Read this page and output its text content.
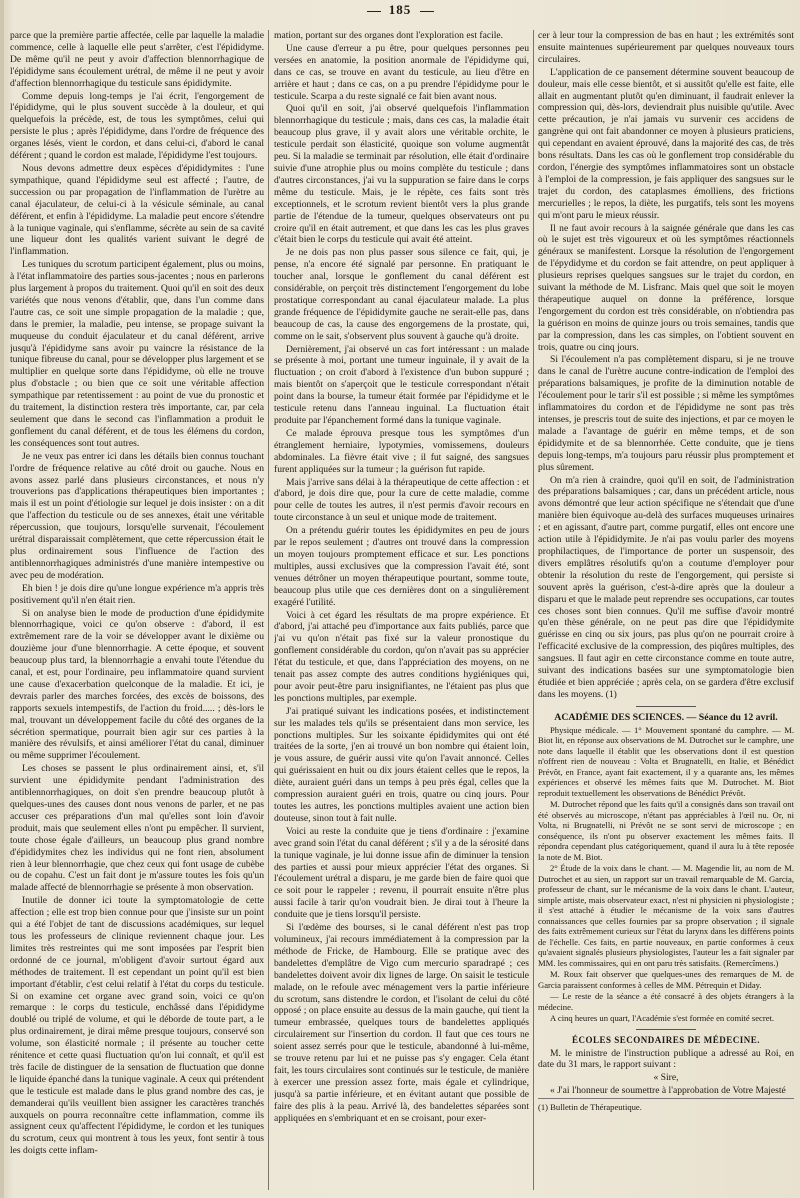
185

parce que la première partie affectée, celle par laquelle la maladie commence, celle à laquelle elle peut s'arrêter, c'est l'épididyme. De même qu'il ne peut y avoir d'affection blennorrhagique de l'épididyme sans écoulement urétral, de même il ne peut y avoir d'affection blennorrhagique du testicule sans épididymite.

Comme depuis long-temps je l'ai écrit, l'engorgement de l'épididyme, qui le plus souvent succède à la douleur, et qui quelquefois la précède, est, de tous les symptômes, celui qui persiste le plus ; après l'épididyme, dans l'ordre de fréquence des organes lésés, vient le cordon, et dans celui-ci, d'abord le canal déférent ; quand le cordon est malade, l'épididyme l'est toujours.

Nous devons admettre deux espèces d'épididymites : l'une sympathique, quand l'épididyme seul est affecté ; l'autre, de succession ou par propagation de l'inflammation de l'urètre au canal éjaculateur, de celui-ci à la vésicule séminale, au canal déférent, et enfin à l'épididyme. La maladie peut encore s'étendre à la tunique vaginale, qui s'enflamme, sécrète au sein de sa cavité une liqueur dont les qualités varient suivant le degré de l'inflammation.

Les tuniques du scrotum participent également, plus ou moins, à l'état inflammatoire des parties sous-jacentes ; nous en parlerons plus largement à propos du traitement. Quoi qu'il en soit des deux variétés que nous venons d'établir, que, dans l'un comme dans l'autre cas, ce soit une simple propagation de la maladie ; que, dans le premier, la maladie, peu intense, se propage suivant la muqueuse du conduit éjaculateur et du canal déférent, arrive jusqu'à l'épididyme sans avoir pu vaincre la résistance de la tunique fibreuse du canal, pour se développer plus largement et se multiplier en quelque sorte dans l'épididyme, où elle ne trouve plus d'obstacle ; ou bien que ce soit une véritable affection sympathique par retentissement : au point de vue du pronostic et du traitement, la distinction restera très importante, car, par cela seulement que dans le second cas l'inflammation a produit le gonflement du canal déférent, et de tous les élémens du cordon, les conséquences sont tout autres.

Je ne veux pas entrer ici dans les détails bien connus touchant l'ordre de fréquence relative au côté droit ou gauche. Nous en avons assez parlé dans plusieurs circonstances, et nous n'y trouverions pas d'applications thérapeutiques bien importantes ; mais il est un point d'étiologie sur lequel je dois insister : on a dit que l'affection du testicule ou de ses annexes, était une véritable répercussion, que toujours, lorsqu'elle survenait, l'écoulement urétral disparaissait complètement, que cette répercussion était le plus ordinairement sous l'influence de l'action des antiblennorrhagiques administrés d'une manière intempestive ou avec peu de modération.

Eh bien ! je dois dire qu'une longue expérience m'a appris très positivement qu'il n'en était rien.

Si on analyse bien le mode de production d'une épididymite blennorrhagique, voici ce qu'on observe : d'abord, il est extrêmement rare de la voir se développer avant le dixième ou douzième jour d'une blennorrhagie. A cette époque, et souvent beaucoup plus tard, la blennorrhagie a envahi toute l'étendue du canal, et est, pour l'ordinaire, peu inflammatoire quand survient une cause d'exacerbation quelconque de la maladie. Et ici, je devrais parler des marches forcées, des excès de boissons, des rapports sexuels intempestifs, de l'action du froid..... ; dès-lors le mal, trouvant un développement facile du côté des organes de la sécrétion spermatique, pourrait bien agir sur ces parties à la manière des révulsifs, et ainsi améliorer l'état du canal, diminuer ou même supprimer l'écoulement.

Les choses se passent le plus ordinairement ainsi, et, s'il survient une épididymite pendant l'administration des antiblennorrhagiques, on doit s'en prendre beaucoup plutôt à quelques-unes des causes dont nous venons de parler, et ne pas accuser ces préparations d'un mal qu'elles sont loin d'avoir produit, mais que seulement elles n'ont pu empêcher. Il survient, toute chose égale d'ailleurs, un beaucoup plus grand nombre d'épididymites chez les individus qui ne font rien, absolument rien à leur blennorrhagie, que chez ceux qui font usage de cubèbe ou de copahu. C'est un fait dont je m'assure toutes les fois qu'un malade affecté de blennorrhagie se présente à mon observation.

Inutile de donner ici toute la symptomatologie de cette affection ; elle est trop bien connue pour que j'insiste sur un point qui a été l'objet de tant de discussions académiques, sur lequel tous les professeurs de clinique reviennent chaque jour. Les limites très restreintes qui me sont imposées par l'esprit bien ordonné de ce journal, m'obligent d'avoir surtout égard aux méthodes de traitement. Il est cependant un point qu'il est bien important d'établir, c'est celui relatif à l'état du corps du testicule. Si on examine cet organe avec grand soin, voici ce qu'on remarque : le corps du testicule, enchâssé dans l'épididyme doublé ou triplé de volume, et qui le déborde de toute part, a le plus ordinairement, je dirai même presque toujours, conservé son volume, son élasticité normale ; il présente au toucher cette rénitence et cette quasi fluctuation qu'on lui connaît, et qu'il est très facile de distinguer de la sensation de fluctuation que donne le liquide épanché dans la tunique vaginale. A ceux qui prétendent que le testicule est malade dans le plus grand nombre des cas, je demanderai qu'ils veuillent bien assigner les caractères tranchés auxquels on pourra reconnaître cette inflammation, comme ils assignent ceux qu'affectent l'épididyme, le cordon et les tuniques du scrotum, ceux qui montrent à tous les yeux, font sentir à tous les doigts cette inflam-

mation, portant sur des organes dont l'exploration est facile.

Une cause d'erreur a pu être, pour quelques personnes peu versées en anatomie, la position anormale de l'épididyme qui, dans ce cas, se trouve en avant du testicule, au lieu d'être en arrière et haut ; dans ce cas, on a pu prendre l'épididyme pour le testicule. Scarpa a du reste signalé ce fait bien avant nous.

Quoi qu'il en soit, j'ai observé quelquefois l'inflammation blennorrhagique du testicule ; mais, dans ces cas, la maladie était beaucoup plus grave, il y avait alors une véritable orchite, le testicule perdait son élasticité, quoique son volume augmentât peu. Si la maladie se terminait par résolution, elle était d'ordinaire suivie d'une atrophie plus ou moins complète du testicule ; dans d'autres circonstances, j'ai vu la suppuration se faire dans le corps même du testicule. Mais, je le répète, ces faits sont très exceptionnels, et le scrotum revient bientôt vers la plus grande partie de l'étendue de la tumeur, quelques observateurs ont pu croire qu'il en était autrement, et que dans les cas les plus graves c'était bien le corps du testicule qui avait été atteint.

Je ne dois pas non plus passer sous silence ce fait, qui, je pense, n'a encore été signalé par personne. En pratiquant le toucher anal, lorsque le gonflement du canal déférent est considérable, on perçoit très distinctement l'engorgement du lobe prostatique correspondant au canal éjaculateur malade. La plus grande fréquence de l'épididymite gauche ne serait-elle pas, dans beaucoup de cas, la cause des engorgemens de la prostate, qui, comme on le sait, s'observent plus souvent à gauche qu'à droite.

Dernièrement, j'ai observé un cas fort intéressant : un malade se présente à moi, portant une tumeur inguinale, il y avait de la fluctuation ; on croit d'abord à l'existence d'un bubon suppuré ; mais bientôt on s'aperçoit que le testicule correspondant n'était point dans la bourse, la tumeur était formée par l'épididyme et le testicule retenu dans l'anneau inguinal. La fluctuation était produite par l'épanchement formé dans la tunique vaginale.

Ce malade éprouva presque tous les symptômes d'un étranglement herniaire, lypotymies, vomissemens, douleurs abdominales. La fièvre était vive ; il fut saigné, des sangsues furent appliquées sur la tumeur ; la guérison fut rapide.

Mais j'arrive sans délai à la thérapeutique de cette affection : et d'abord, je dois dire que, pour la cure de cette maladie, comme pour celle de toutes les autres, il n'est permis d'avoir recours en toute circonstance à un seul et unique mode de traitement.

On a prétendu guérir toutes les épididymites en peu de jours par le repos seulement ; d'autres ont trouvé dans la compression un moyen toujours promptement efficace et sur. Les ponctions multiples, aussi exclusives que la compression l'avait été, sont venues détrôner un moyen thérapeutique pourtant, somme toute, beaucoup plus utile que ces dernières dont on a singulièrement exagéré l'utilité.

Voici à cet égard les résultats de ma propre expérience. Et d'abord, j'ai attaché peu d'importance aux faits publiés, parce que j'ai vu qu'on n'était pas fixé sur la valeur pronostique du gonflement considérable du cordon, qu'on n'avait pas su apprécier l'état du testicule, et que, dans l'appréciation des moyens, on ne tenait pas assez compte des autres conditions hygiéniques qui, pour avoir peut-être paru insignifiantes, ne l'étaient pas plus que les ponctions multiples, par exemple.

J'ai pratiqué suivant les indications posées, et indistinctement sur les malades tels qu'ils se présentaient dans mon service, les ponctions multiples. Sur les soixante épididymites qui ont été traitées de la sorte, j'en ai trouvé un bon nombre qui étaient loin, je vous assure, de guérir aussi vite qu'on l'avait annoncé. Celles qui guérissaient en huit ou dix jours étaient celles que le repos, la diète, auraient guéri dans un temps à peu près égal, celles que la compression auraient guéri en trois, quatre ou cinq jours. Pour toutes les autres, les ponctions multiples avaient une action bien douteuse, sinon tout à fait nulle.

Voici au reste la conduite que je tiens d'ordinaire : j'examine avec grand soin l'état du canal déférent ; s'il y a de la sérosité dans la tunique vaginale, je lui donne issue afin de diminuer la tension des parties et aussi pour mieux apprécier l'état des organes. Si l'écoulement urétral a disparu, je me garde bien de faire quoi que ce soit pour le rappeler ; revenu, il pourrait ensuite n'être plus aussi facile à tarir qu'on voudrait bien. Je dirai tout à l'heure la conduite que je tiens lorsqu'il persiste.

Si l'œdème des bourses, si le canal déférent n'est pas trop volumineux, j'ai recours immédiatement à la compression par la méthode de Fricke, de Hambourg. Elle se pratique avec des bandelettes d'emplâtre de Vigo cum mercurio sparadrapé ; ces bandelettes doivent avoir dix lignes de large. On saisit le testicule malade, on le refoule avec ménagement vers la partie inférieure du scrotum, sans distendre le cordon, et l'isolant de celui du côté opposé ; on place ensuite au dessus de la main gauche, qui tient la tumeur embrassée, quelques tours de bandelettes appliqués circulairement sur l'insertion du cordon. Il faut que ces tours ne soient assez serrés pour que le testicule, abandonné à lui-même, se trouve retenu par lui et ne puisse pas s'y engager. Cela étant fait, les tours circulaires sont continués sur le testicule, de manière à exercer une pression assez forte, mais égale et cylindrique, jusqu'à sa partie inférieure, et en évitant autant que possible de faire des plis à la peau. Arrivé là, des bandelettes séparées sont appliquées en s'embriquant et en se croisant, pour exer-

cer à leur tour la compression de bas en haut ; les extrémités sont ensuite maintenues supérieurement par quelques nouveaux tours circulaires.

L'application de ce pansement détermine souvent beaucoup de douleur, mais elle cesse bientôt, et si aussitôt qu'elle est faite, elle allait en augmentant plutôt qu'en diminuant, il faudrait enlever la compression qui, dès-lors, deviendrait plus nuisible qu'utile. Avec cette précaution, je n'ai jamais vu survenir ces accidens de gangrène qui ont fait abandonner ce moyen à plusieurs praticiens, qui cependant en avaient éprouvé, dans la majorité des cas, de très bons résultats. Dans les cas où le gonflement trop considérable du cordon, l'énergie des symptômes inflammatoires sont un obstacle à l'emploi de la compression, je fais appliquer des sangsues sur le trajet du cordon, des cataplasmes émolliens, des frictions mercurielles ; le repos, la diète, les purgatifs, tels sont les moyens qui m'ont paru le mieux réussir.

Il ne faut avoir recours à la saignée générale que dans les cas où le sujet est très vigoureux et où les symptômes réactionnels généraux se manifestent. Lorsque la résolution de l'engorgement de l'épydidyme et du cordon se fait attendre, on peut appliquer à plusieurs reprises quelques sangsues sur le trajet du cordon, en suivant la méthode de M. Lisfranc. Mais quel que soit le moyen thérapeutique auquel on donne la préférence, lorsque l'engorgement du cordon est très considérable, on n'obtiendra pas la guérison en moins de quinze jours ou trois semaines, tandis que par la compression, dans les cas simples, on l'obtient souvent en trois, quatre ou cinq jours.

Si l'écoulement n'a pas complètement disparu, si je ne trouve dans le canal de l'urètre aucune contre-indication de l'emploi des préparations balsamiques, je profite de la diminution notable de l'écoulement pour le tarir s'il est possible ; si même les symptômes inflammatoires du cordon et de l'épididyme ne sont pas très intenses, je prescris tout de suite des injections, et par ce moyen le malade a l'avantage de guérir en même temps, et de son épididymite et de sa blennorrhée. Cette conduite, que je tiens depuis long-temps, m'a toujours paru réussir plus promptement et plus sûrement.

On m'a rien à craindre, quoi qu'il en soit, de l'administration des préparations balsamiques ; car, dans un précédent article, nous avons démontré que leur action spécifique ne s'étendait que d'une manière bien équivoque au-delà des surfaces muqueuses urinaires ; et en agissant, d'autre part, comme purgatif, elles ont encore une action utile à l'épididymite. Je n'ai pas voulu parler des moyens prophilactiques, de l'importance de porter un suspensoir, des divers emplâtres résolutifs qu'on a coutume d'employer pour obtenir la résolution du reste de l'engorgement, qui persiste si souvent après la guérison, c'est-à-dire après que la douleur a disparu et que le malade peut reprendre ses occupations, car toutes ces choses sont bien connues. Qu'il me suffise d'avoir montré qu'en thèse générale, on ne peut pas dire que l'épididymite guérisse en cinq ou six jours, pas plus qu'on ne pourrait croire à l'efficacité exclusive de la compression, des piqûres multiples, des sangsues. Il faut agir en cette circonstance comme en toute autre, suivant des indications basées sur une symptomatologie bien étudiée et bien appréciée ; après cela, on se gardera d'être exclusif dans les moyens. (1)

ACADÉMIE DES SCIENCES. — Séance du 12 avril.

Physique médicale. — 1° Mouvement spontané du camphre. — M. Biot lit, en réponse aux observations de M. Dutrochet sur le camphre, une note dans laquelle il établit que les observations dont il est question n'offrent rien de nouveau : Volta et Brugnatelli, en Italie, et Bénédict Prévôt, en France, ayant fait exactement, il y a quarante ans, les mêmes expériences et observé les mêmes faits que M. Dutrochet. M. Biot reproduit textuellement les observations de Bénédict Prévôt.

M. Dutrochet répond que les faits qu'il a consignés dans son travail ont été observés au microscope, n'étant pas appréciables à l'œil nu. Or, ni Volta, ni Brugnatelli, ni Prévôt ne se sont servi de microscope ; en conséquence, ils n'ont pu observer exactement les mêmes faits. Il répondra cependant plus catégoriquement, quand il aura lu à tête reposée la note de M. Biot.

2° Étude de la voix dans le chant. — M. Magendie lit, au nom de M. Dutrochet et au sien, un rapport sur un travail remarquable de M. Garcia, professeur de chant, sur le mécanisme de la voix dans le chant. L'auteur, simple artiste, mais observateur exact, n'est ni physicien ni physiologiste ; il s'est attaché à étudier le mécanisme de la voix sans d'autres connaissances que celles fournies par sa propre observation ; il signale des faits extrêmement curieux sur l'état du larynx dans les différens points de l'échelle. Ces faits, en partie nouveaux, en partie conformes à ceux qu'avaient signalés plusieurs physiologistes, l'auteur les a fait signaler par MM. les commissaires, qui en ont paru très satisfaits. (Remercîmens.)

M. Roux fait observer que quelques-unes des remarques de M. de Garcia paraissent conformes à celles de MM. Pétrequin et Diday.

— Le reste de la séance a été consacré à des objets étrangers à la médecine.

A cinq heures un quart, l'Académie s'est formée en comité secret.

ÉCOLES SECONDAIRES DE MÉDECINE.

M. le ministre de l'instruction publique a adressé au Roi, en date du 31 mars, le rapport suivant :

« Sire,

« J'ai l'honneur de soumettre à l'approbation de Votre Majesté

(1) Bulletin de Thérapeutique.
